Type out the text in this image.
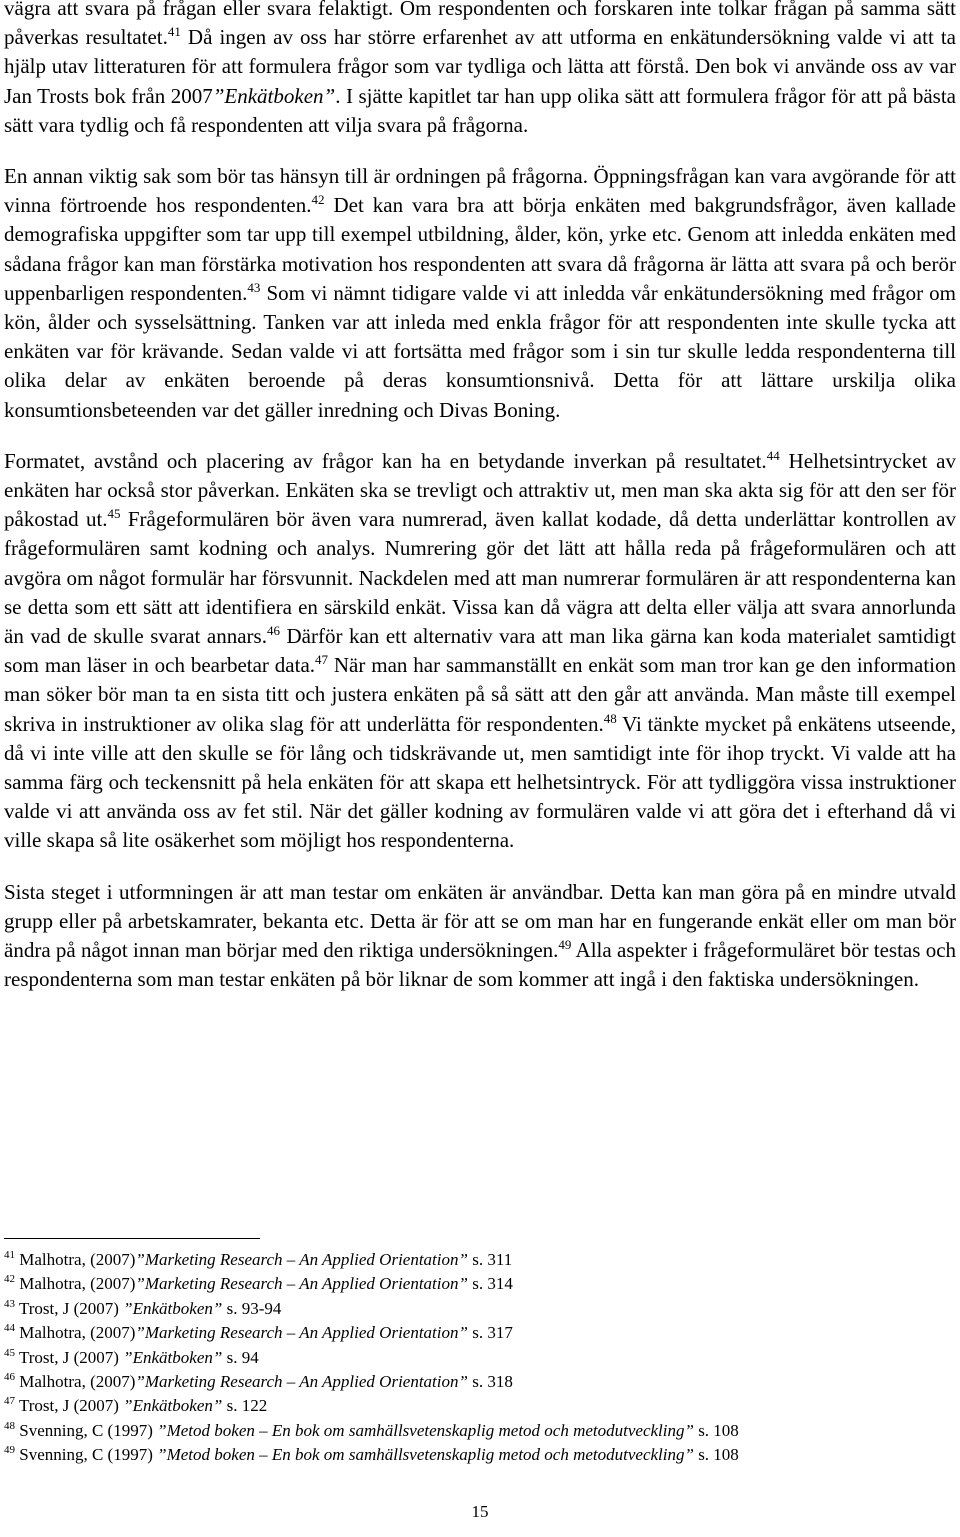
vägra att svara på frågan eller svara felaktigt. Om respondenten och forskaren inte tolkar frågan på samma sätt påverkas resultatet.$^{41}$ Då ingen av oss har större erfarenhet av att utforma en enkätundersökning valde vi att ta hjälp utav litteraturen för att formulera frågor som var tydliga och lätta att förstå. Den bok vi använde oss av var Jan Trosts bok från 2007”Enkätboken”. I sjätte kapitlet tar han upp olika sätt att formulera frågor för att på bästa sätt vara tydlig och få respondenten att vilja svara på frågorna.

En annan viktig sak som bör tas hänsyn till är ordningen på frågorna. Öppningsfrågan kan vara avgörande för att vinna förtroende hos respondenten.$^{42}$ Det kan vara bra att börja enkäten med bakgrundsfrågor, även kallade demografiska uppgifter som tar upp till exempel utbildning, ålder, kön, yrke etc. Genom att inledda enkäten med sådana frågor kan man förstärka motivation hos respondenten att svara då frågorna är lätta att svara på och berör uppenbarligen respondenten.$^{43}$ Som vi nämnt tidigare valde vi att inledda vår enkätundersökning med frågor om kön, ålder och sysselsättning. Tanken var att inleda med enkla frågor för att respondenten inte skulle tycka att enkäten var för krävande. Sedan valde vi att fortsätta med frågor som i sin tur skulle ledda respondenterna till olika delar av enkäten beroende på deras konsumtionsnivå. Detta för att lättare urskilja olika konsumtionsbeteenden var det gäller inredning och Divas Boning.

Formatet, avstånd och placering av frågor kan ha en betydande inverkan på resultatet.$^{44}$ Helhetsintrycket av enkäten har också stor påverkan. Enkäten ska se trevligt och attraktiv ut, men man ska akta sig för att den ser för påkostad ut.$^{45}$ Frågeformulären bör även vara numrerad, även kallat kodade, då detta underlättar kontrollen av frågeformulären samt kodning och analys. Numrering gör det lätt att hålla reda på frågeformulären och att avgöra om något formulär har försvunnit. Nackdelen med att man numrerar formulären är att respondenterna kan se detta som ett sätt att identifiera en särskild enkät. Vissa kan då vägra att delta eller välja att svara annorlunda än vad de skulle svarat annars.$^{46}$ Därför kan ett alternativ vara att man lika gärna kan koda materialet samtidigt som man läser in och bearbetar data.$^{47}$ När man har sammanställt en enkät som man tror kan ge den information man söker bör man ta en sista titt och justera enkäten på så sätt att den går att använda. Man måste till exempel skriva in instruktioner av olika slag för att underlätta för respondenten.$^{48}$ Vi tänkte mycket på enkätens utseende, då vi inte ville att den skulle se för lång och tidskrävande ut, men samtidigt inte för ihop tryckt. Vi valde att ha samma färg och teckensnitt på hela enkäten för att skapa ett helhetsintryck. För att tydliggöra vissa instruktioner valde vi att använda oss av fet stil. När det gäller kodning av formulären valde vi att göra det i efterhand då vi ville skapa så lite osäkerhet som möjligt hos respondenterna.

Sista steget i utformningen är att man testar om enkäten är användbar. Detta kan man göra på en mindre utvald grupp eller på arbetskamrater, bekanta etc. Detta är för att se om man har en fungerande enkät eller om man bör ändra på något innan man börjar med den riktiga undersökningen.$^{49}$ Alla aspekter i frågeformuläret bör testas och respondenterna som man testar enkäten på bör liknar de som kommer att ingå i den faktiska undersökningen.

$^{41}$ Malhotra, (2007)”Marketing Research – An Applied Orientation” s. 311
$^{42}$ Malhotra, (2007)”Marketing Research – An Applied Orientation” s. 314
$^{43}$ Trost, J (2007) ”Enkätboken” s. 93-94
$^{44}$ Malhotra, (2007)”Marketing Research – An Applied Orientation” s. 317
$^{45}$ Trost, J (2007) ”Enkätboken” s. 94
$^{46}$ Malhotra, (2007)”Marketing Research – An Applied Orientation” s. 318
$^{47}$ Trost, J (2007) ”Enkätboken” s. 122
$^{48}$ Svenning, C (1997) ”Metod boken – En bok om samhällsvetenskaplig metod och metodutveckling” s. 108
$^{49}$ Svenning, C (1997) ”Metod boken – En bok om samhällsvetenskaplig metod och metodutveckling” s. 108
15
